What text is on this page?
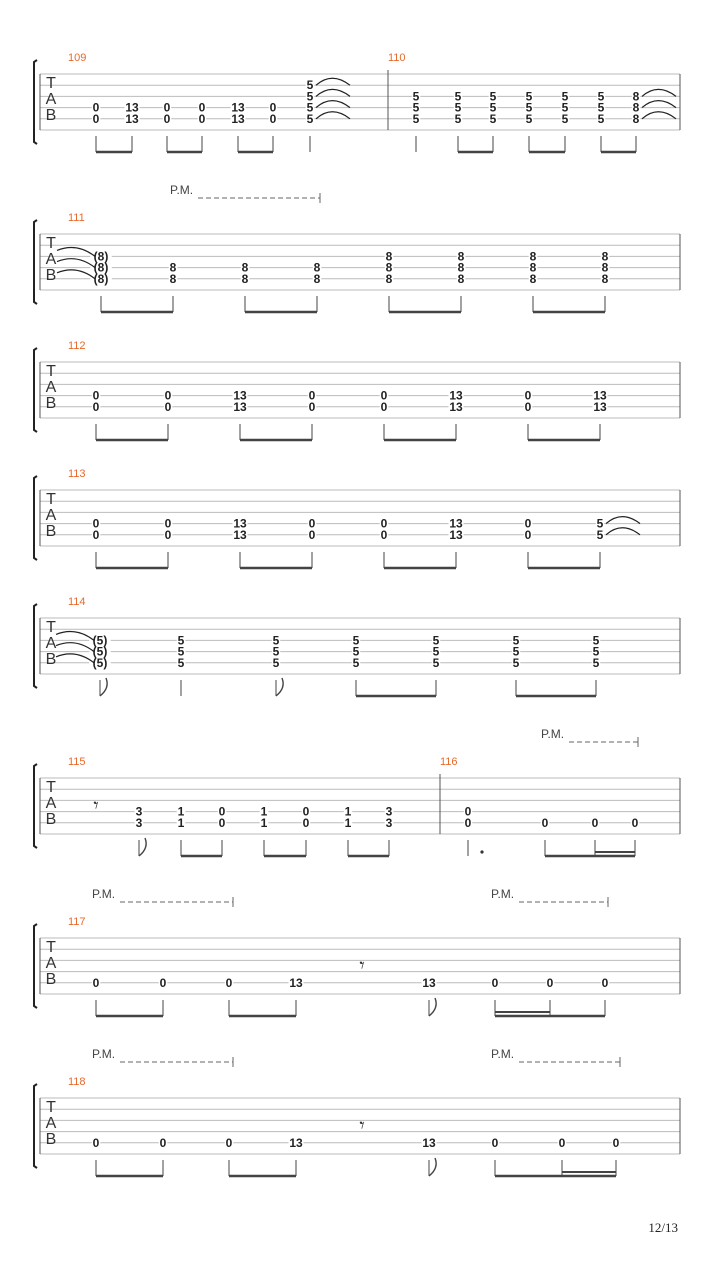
T
A
B
109
0
0
13
13
0
0
0
0
13
13
0
0
5
5
5
5
110
5
5
5
5
5
5
5
5
5
5
5
5
5
5
5
5
5
5
8
8
8
T
A
B
P.M.
111
(8)
(8)
(8)
8
8
8
8
8
8
8
8
8
8
8
8
8
8
8
8
8
8
T
A
B
112
0
0
0
0
13
13
0
0
0
0
13
13
0
0
13
13
T
A
B
113
0
0
0
0
13
13
0
0
0
0
13
13
0
0
5
5
T
A
B
114
(5)
(5)
(5)
5
5
5
5
5
5
5
5
5
5
5
5
5
5
5
5
5
5
T
A
B
P.M.
𝄾
115
3
3
1
1
0
0
1
1
0
0
1
1
3
3
116
0
0	0	0	0
T
A
B
P.M.	P.M.
𝄾
117
0	0	0	13	13	0	0	0
T
A
B
P.M.	P.M.
𝄾
118
0	0	0	13	13	0	0	0
12/13
